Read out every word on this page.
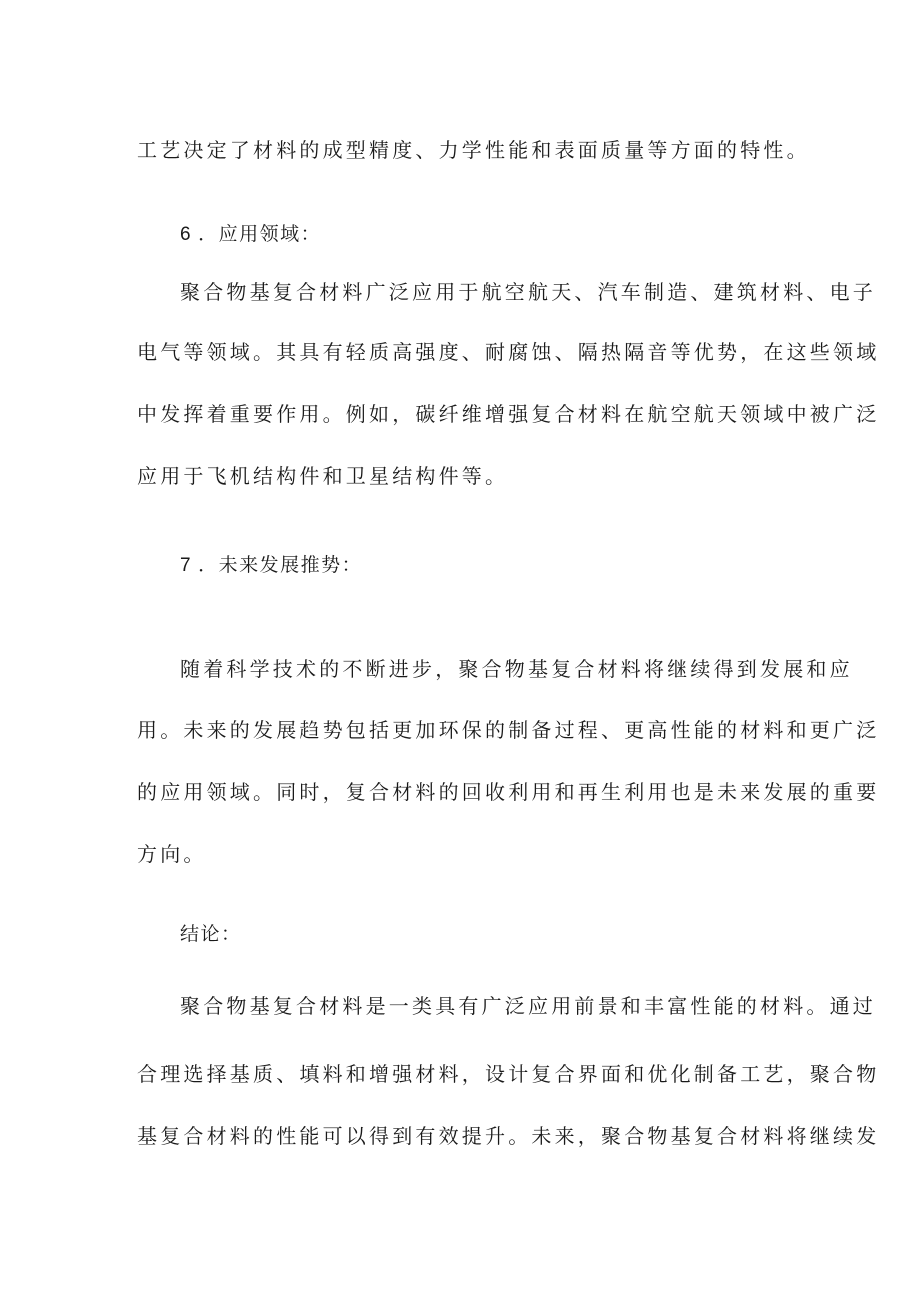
工艺决定了材料的成型精度、力学性能和表面质量等方面的特性。

6 ．应用领域：

聚合物基复合材料广泛应用于航空航天、汽车制造、建筑材料、电子

电气等领域。其具有轻质高强度、耐腐蚀、隔热隔音等优势，在这些领域

中发挥着重要作用。例如，碳纤维增强复合材料在航空航天领域中被广泛

应用于飞机结构件和卫星结构件等。

7 ．未来发展推势：

随着科学技术的不断进步，聚合物基复合材料将继续得到发展和应

用。未来的发展趋势包括更加环保的制备过程、更高性能的材料和更广泛

的应用领域。同时，复合材料的回收利用和再生利用也是未来发展的重要

方向。

结论：

聚合物基复合材料是一类具有广泛应用前景和丰富性能的材料。通过

合理选择基质、填料和增强材料，设计复合界面和优化制备工艺，聚合物

基复合材料的性能可以得到有效提升。未来，聚合物基复合材料将继续发
